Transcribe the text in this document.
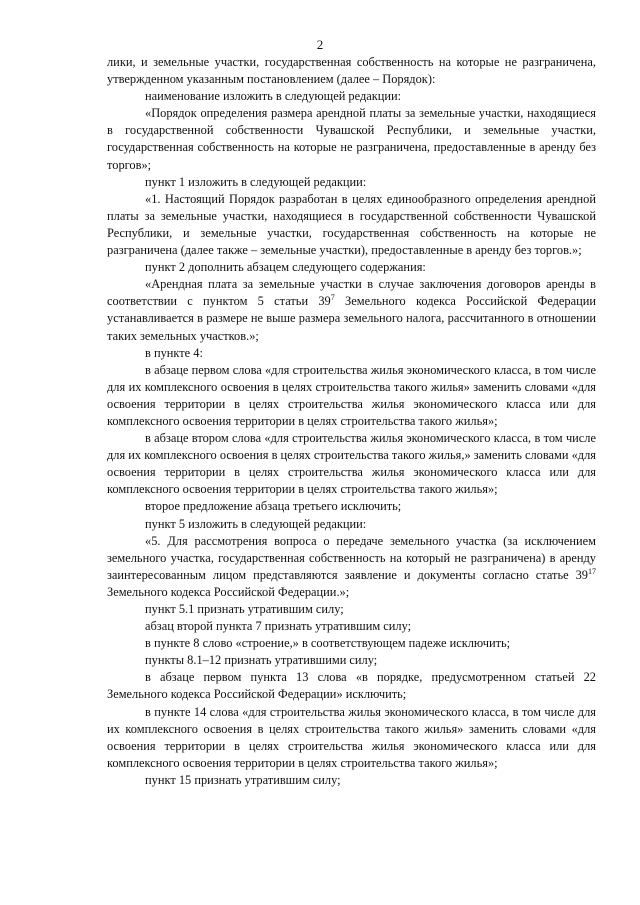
2

лики, и земельные участки, государственная собственность на которые не разграничена, утвержденном указанным постановлением (далее – Порядок):

наименование изложить в следующей редакции:

«Порядок определения размера арендной платы за земельные участки, находящиеся в государственной собственности Чувашской Республики, и земельные участки, государственная собственность на которые не разграничена, предоставленные в аренду без торгов»;

пункт 1 изложить в следующей редакции:

«1. Настоящий Порядок разработан в целях единообразного определения арендной платы за земельные участки, находящиеся в государственной собственности Чувашской Республики, и земельные участки, государственная собственность на которые не разграничена (далее также – земельные участки), предоставленные в аренду без торгов.»;

пункт 2 дополнить абзацем следующего содержания:

«Арендная плата за земельные участки в случае заключения договоров аренды в соответствии с пунктом 5 статьи $39^7$ Земельного кодекса Российской Федерации устанавливается в размере не выше размера земельного налога, рассчитанного в отношении таких земельных участков.»;

в пункте 4:

в абзаце первом слова «для строительства жилья экономического класса, в том числе для их комплексного освоения в целях строительства такого жилья» заменить словами «для освоения территории в целях строительства жилья экономического класса или для комплексного освоения территории в целях строительства такого жилья»;

в абзаце втором слова «для строительства жилья экономического класса, в том числе для их комплексного освоения в целях строительства такого жилья,» заменить словами «для освоения территории в целях строительства жилья экономического класса или для комплексного освоения территории в целях строительства такого жилья»;

второе предложение абзаца третьего исключить;

пункт 5 изложить в следующей редакции:

«5. Для рассмотрения вопроса о передаче земельного участка (за исключением земельного участка, государственная собственность на который не разграничена) в аренду заинтересованным лицом представляются заявление и документы согласно статье $39^{17}$ Земельного кодекса Российской Федерации.»;

пункт 5.1 признать утратившим силу;

абзац второй пункта 7 признать утратившим силу;

в пункте 8 слово «строение,» в соответствующем падеже исключить;

пункты 8.1–12 признать утратившими силу;

в абзаце первом пункта 13 слова «в порядке, предусмотренном статьей 22 Земельного кодекса Российской Федерации» исключить;

в пункте 14 слова «для строительства жилья экономического класса, в том числе для их комплексного освоения в целях строительства такого жилья» заменить словами «для освоения территории в целях строительства жилья экономического класса или для комплексного освоения территории в целях строительства такого жилья»;

пункт 15 признать утратившим силу;
